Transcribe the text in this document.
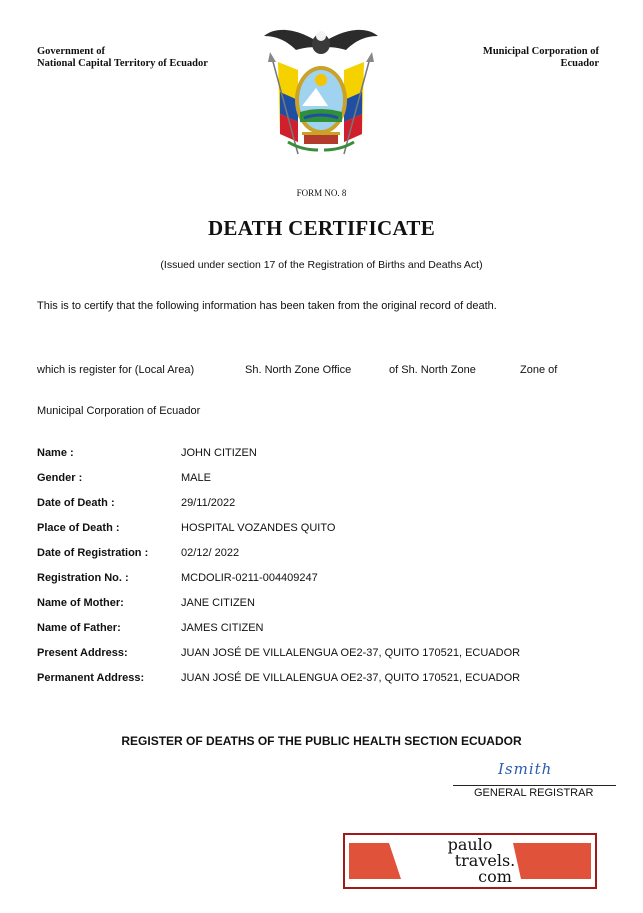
Government of
National Capital Territory of Ecuador
Municipal Corporation of
Ecuador
FORM NO. 8
DEATH CERTIFICATE
(Issued under section 17 of the Registration of Births and Deaths Act)
This is to certify that the following information has been taken from the original record of death.
which is register for (Local Area)	Sh. North Zone Office	of Sh. North Zone	Zone of
Municipal Corporation of Ecuador
Name :	JOHN CITIZEN
Gender :	MALE
Date of Death :	29/11/2022
Place of Death :	HOSPITAL VOZANDES QUITO
Date of Registration :	02/12/ 2022
Registration No. :	MCDOLIR-0211-004409247
Name of Mother:	JANE CITIZEN
Name of Father:	JAMES CITIZEN
Present Address:	JUAN JOSÉ DE VILLALENGUA OE2-37, QUITO 170521, ECUADOR
Permanent Address:	JUAN JOSÉ DE VILLALENGUA OE2-37, QUITO 170521, ECUADOR
REGISTER OF DEATHS OF THE PUBLIC HEALTH SECTION ECUADOR
Ismith
GENERAL REGISTRAR
paulo
travels.
com
